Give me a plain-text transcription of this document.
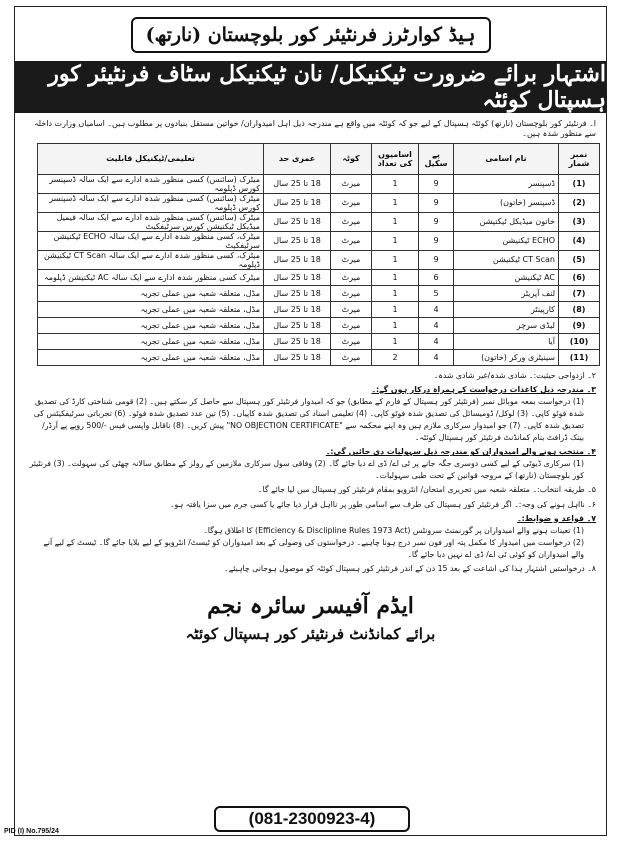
ہیڈ کوارٹرز فرنٹیئر کور بلوچستان (نارتھ)
اشتہار برائے ضرورت ٹیکنیکل/ نان ٹیکنیکل سٹاف فرنٹیئر کور ہسپتال کوئٹہ
ا۔ فرنٹیئر کور بلوچستان (نارتھ) کوئٹہ ہسپتال کے لیے جو کہ کوئٹہ میں واقع ہے مندرجہ ذیل اہل امیدواران/ خواتین مستقل بنیادوں پر مطلوب ہیں۔ اسامیاں وزارت داخلہ سے منظور شدہ ہیں۔
نمبر شمار	نام اسامی	پے سکیل	اسامیوں کی تعداد	کوٹہ	عمری حد	تعلیمی/ٹیکنیکل قابلیت
(1)	ڈسپنسر	9	1	میرٹ	18 تا 25 سال	میٹرک (سائنس) کسی منظور شدہ ادارے سے ایک سالہ ڈسپنسر کورس ڈپلومہ
(2)	ڈسپنسر (خاتون)	9	1	میرٹ	18 تا 25 سال	میٹرک (سائنس) کسی منظور شدہ ادارے سے ایک سالہ ڈسپنسر کورس ڈپلومہ
(3)	خاتون میڈیکل ٹیکنیشن	9	1	میرٹ	18 تا 25 سال	میٹرک (سائنس) کسی منظور شدہ ادارے سے ایک سالہ فیمیل میڈیکل ٹیکنیشن کورس سرٹیفکیٹ
(4)	ECHO ٹیکنیشن	9	1	میرٹ	18 تا 25 سال	میٹرک، کسی منظور شدہ ادارے سے ایک سالہ ECHO ٹیکنیشن سرٹیفکیٹ
(5)	CT Scan ٹیکنیشن	9	1	میرٹ	18 تا 25 سال	میٹرک، کسی منظور شدہ ادارے سے ایک سالہ CT Scan ٹیکنیشن ڈپلومہ
(6)	AC ٹیکنیشن	6	1	میرٹ	18 تا 25 سال	میٹرک کسی منظور شدہ ادارے سے ایک سالہ AC ٹیکنیشن ڈپلومہ
(7)	لنف آپریٹر	5	1	میرٹ	18 تا 25 سال	مڈل، متعلقہ شعبہ میں عملی تجربہ
(8)	کارپینٹر	4	1	میرٹ	18 تا 25 سال	مڈل، متعلقہ شعبہ میں عملی تجربہ
(9)	لیڈی سرچر	4	1	میرٹ	18 تا 25 سال	مڈل، متعلقہ شعبہ میں عملی تجربہ
(10)	آیا	4	1	میرٹ	18 تا 25 سال	مڈل، متعلقہ شعبہ میں عملی تجربہ
(11)	سینیٹری ورکر (خاتون)	4	2	میرٹ	18 تا 25 سال	مڈل، متعلقہ شعبہ میں عملی تجربہ
۲۔ ازدواجی حیثیت:۔ شادی شدہ/غیر شادی شدہ۔
۳۔ مندرجہ ذیل کاغذات درخواست کے ہمراہ درکار ہوں گے:۔
(1) درخواست بمعہ موبائل نمبر (فرنٹیئر کور ہسپتال کے فارم کے مطابق) جو کہ امیدوار فرنٹیئر کور ہسپتال سے حاصل کر سکتے ہیں۔ (2) قومی شناختی کارڈ کی تصدیق شدہ فوٹو کاپی۔ (3) لوکل/ ڈومیسائل کی تصدیق شدہ فوٹو کاپی۔ (4) تعلیمی اسناد کی تصدیق شدہ کاپیاں۔ (5) تین عدد تصدیق شدہ فوٹو۔ (6) تجرباتی سرٹیفکیٹس کی تصدیق شدہ کاپی۔ (7) جو امیدوار سرکاری ملازم ہیں وہ اپنے محکمہ سے "NO OBJECTION CERTIFICATE" پیش کریں۔ (8) ناقابل واپسی فیس -/500 روپے پے آرڈر/ بینک ڈرافٹ بنام کمانڈنٹ فرنٹیئر کور ہسپتال کوئٹہ۔
۴۔ منتخب ہونے والے امیدواران کو مندرجہ ذیل سہولیات دی جائیں گی:۔
(1) سرکاری ڈیوٹی کے لیے کسی دوسری جگہ جانے پر ٹی اے/ ڈی اے دیا جائے گا۔ (2) وفاقی سول سرکاری ملازمین کے رولز کے مطابق سالانہ چھٹی کی سہولت۔ (3) فرنٹیئر کور بلوچستان (نارتھ) کے مروجہ قوانین کے تحت طبی سہولیات۔
۵۔ طریقہ انتخاب:۔ متعلقہ شعبہ میں تحریری امتحان/ انٹرویو بمقام فرنٹیئر کور ہسپتال میں لیا جائے گا۔
۶۔ نااہل ہونے کی وجہ:۔ اگر فرنٹیئر کور ہسپتال کی طرف سے اسامی طور پر نااہل قرار دیا جائے یا کسی جرم میں سزا یافتہ ہو۔
۷۔ قواعد و ضوابط:۔
(1) تعینات ہونے والے امیدواران پر گورنمنٹ سرونٹس (Efficiency & Disclipline Rules 1973 Act) کا اطلاق ہوگا۔
(2) درخواست میں امیدوار کا مکمل پتہ اور فون نمبر درج ہونا چاہیے۔ درخواستوں کی وصولی کے بعد امیدواران کو ٹیسٹ/ انٹرویو کے لیے بلایا جائے گا۔ ٹیسٹ کے لیے آنے والے امیدواران کو کوئی ٹی اے/ ڈی اے نہیں دیا جائے گا۔
۸۔ درخواستیں اشتہار ہذا کی اشاعت کے بعد 15 دن کے اندر فرنٹیئر کور ہسپتال کوئٹہ کو موصول ہوجانی چاہیئے۔
ایڈم آفیسر سائرہ نجم
برائے کمانڈنٹ فرنٹیئر کور ہسپتال کوئٹہ
(081-2300923-4)
PID (I) No.795/24
